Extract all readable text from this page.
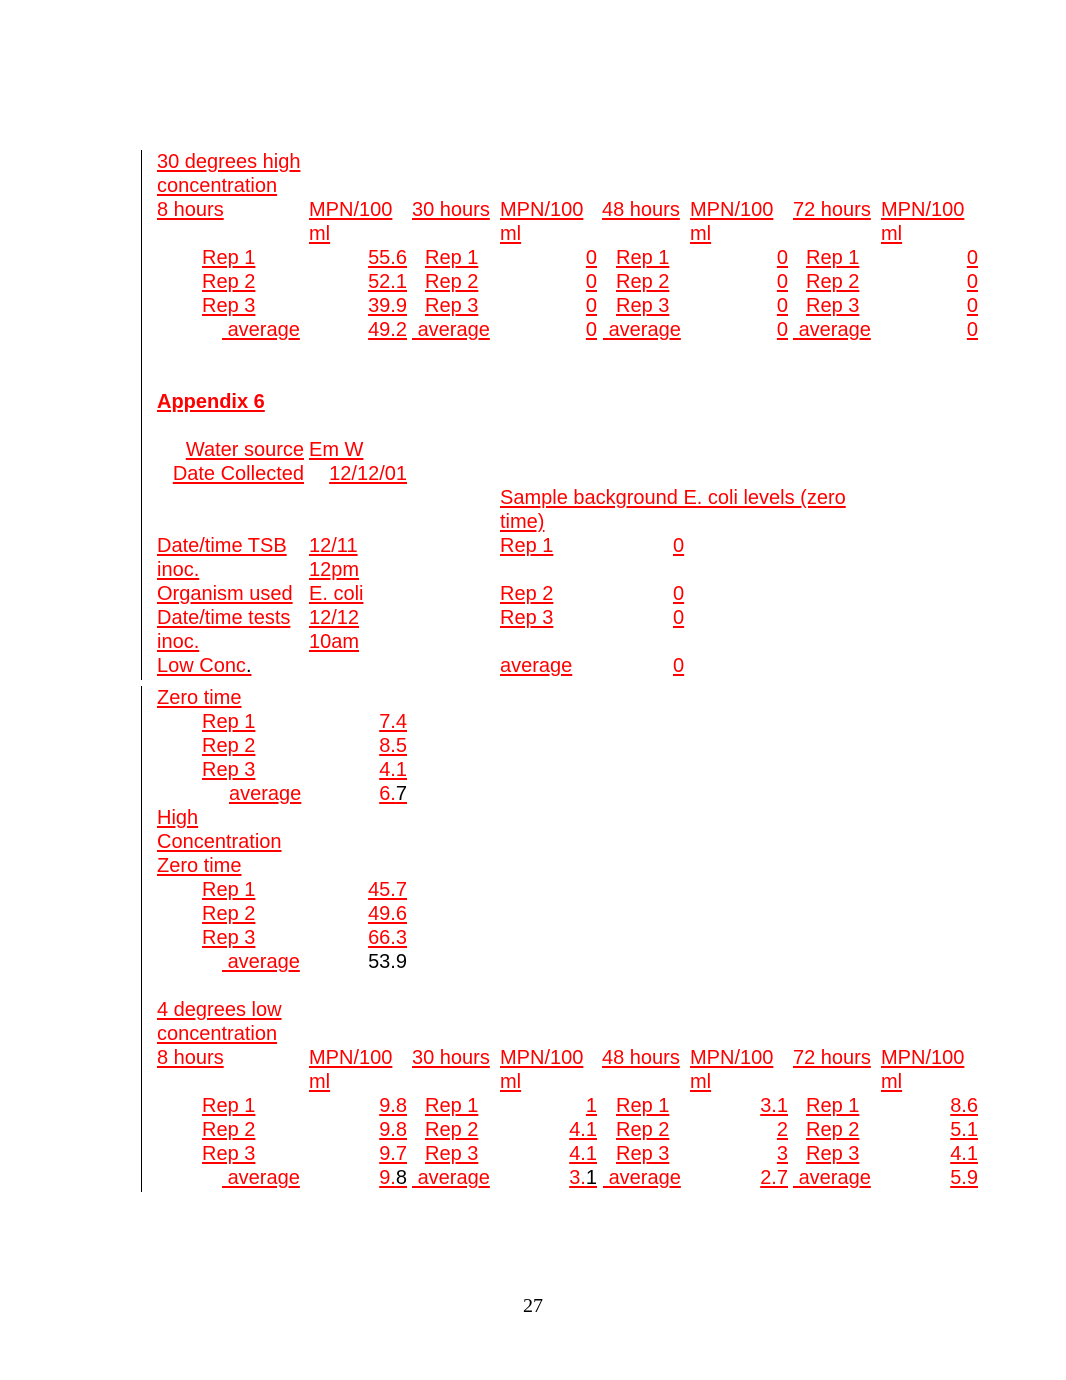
30 degrees high
concentration
8 hours	MPN/100
ml
30 hours MPN/100
ml
48 hours MPN/100
ml
72 hours MPN/100
ml
Rep 1
Rep 2
Rep 3
average
55.6
52.1
39.9
49.2
Rep 1
Rep 2
Rep 3
average
0
0
0
0
Rep 1
Rep 2
Rep 3
average
0
0
0
0
Rep 1
Rep 2
Rep 3
average
0
0
0
0
Appendix 6
Water source Em W
Date Collected 12/12/01
Sample background E. coli levels (zero
time)
Date/time TSB
inoc.
12/11
12pm
Organism used E. coli
Date/time tests
inoc.
12/12
10am
Low Conc.
Rep 1
Rep 2
Rep 3
average
0
0
0
0
Zero time
Rep 1
Rep 2
Rep 3
average
7.4
8.5
4.1
6.7
High
Concentration
Zero time
Rep 1
Rep 2
Rep 3
average
45.7
49.6
66.3
53.9
4 degrees low
concentration
8 hours	MPN/100
ml
30 hours MPN/100
ml
48 hours MPN/100
ml
72 hours MPN/100
ml
Rep 1
Rep 2
Rep 3
average
9.8
9.8
9.7
9.8
Rep 1
Rep 2
Rep 3
average
1
4.1
4.1
3.1
Rep 1
Rep 2
Rep 3
average
3.1
2
3
2.7
Rep 1
Rep 2
Rep 3
average
8.6
5.1
4.1
5.9
27
